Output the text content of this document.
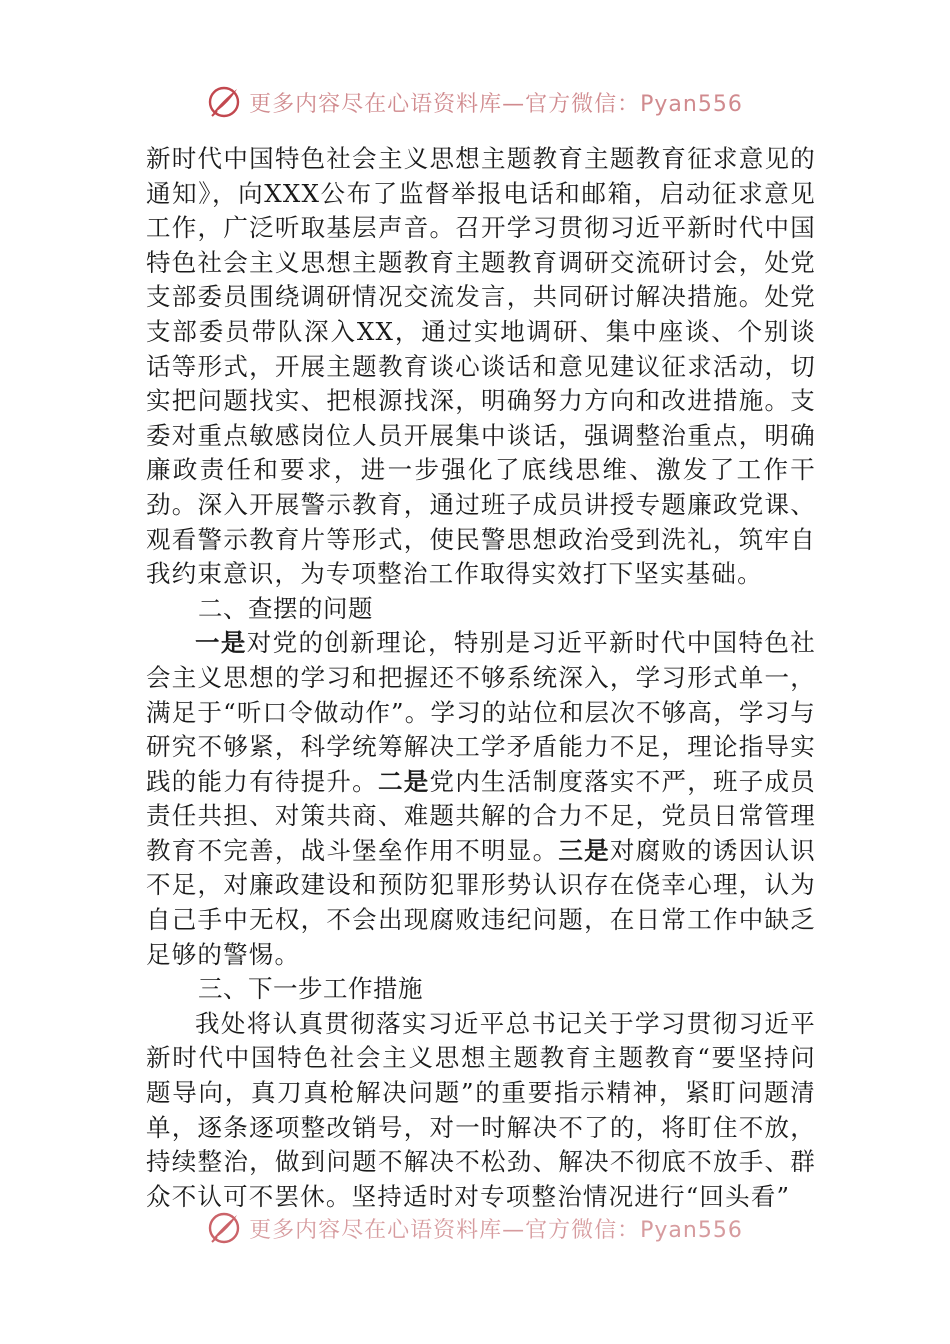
更多内容尽在心语资料库—官方微信：Pyan556

新时代中国特色社会主义思想主题教育主题教育征求意见的通知》，向XXX公布了监督举报电话和邮箱，启动征求意见工作，广泛听取基层声音。召开学习贯彻习近平新时代中国特色社会主义思想主题教育主题教育调研交流研讨会，处党支部委员围绕调研情况交流发言，共同研讨解决措施。处党支部委员带队深入XX，通过实地调研、集中座谈、个别谈话等形式，开展主题教育谈心谈话和意见建议征求活动，切实把问题找实、把根源找深，明确努力方向和改进措施。支委对重点敏感岗位人员开展集中谈话，强调整治重点，明确廉政责任和要求，进一步强化了底线思维、激发了工作干劲。深入开展警示教育，通过班子成员讲授专题廉政党课、观看警示教育片等形式，使民警思想政治受到洗礼，筑牢自我约束意识，为专项整治工作取得实效打下坚实基础。

二、查摆的问题

一是对党的创新理论，特别是习近平新时代中国特色社会主义思想的学习和把握还不够系统深入，学习形式单一，满足于“听口令做动作”。学习的站位和层次不够高，学习与研究不够紧，科学统筹解决工学矛盾能力不足，理论指导实践的能力有待提升。二是党内生活制度落实不严，班子成员责任共担、对策共商、难题共解的合力不足，党员日常管理教育不完善，战斗堡垒作用不明显。三是对腐败的诱因认识不足，对廉政建设和预防犯罪形势认识存在侥幸心理，认为自己手中无权，不会出现腐败违纪问题，在日常工作中缺乏足够的警惕。

三、下一步工作措施

我处将认真贯彻落实习近平总书记关于学习贯彻习近平新时代中国特色社会主义思想主题教育主题教育“要坚持问题导向，真刀真枪解决问题”的重要指示精神，紧盯问题清单，逐条逐项整改销号，对一时解决不了的，将盯住不放，持续整治，做到问题不解决不松劲、解决不彻底不放手、群众不认可不罢休。坚持适时对专项整治情况进行“回头看”

更多内容尽在心语资料库—官方微信：Pyan556
